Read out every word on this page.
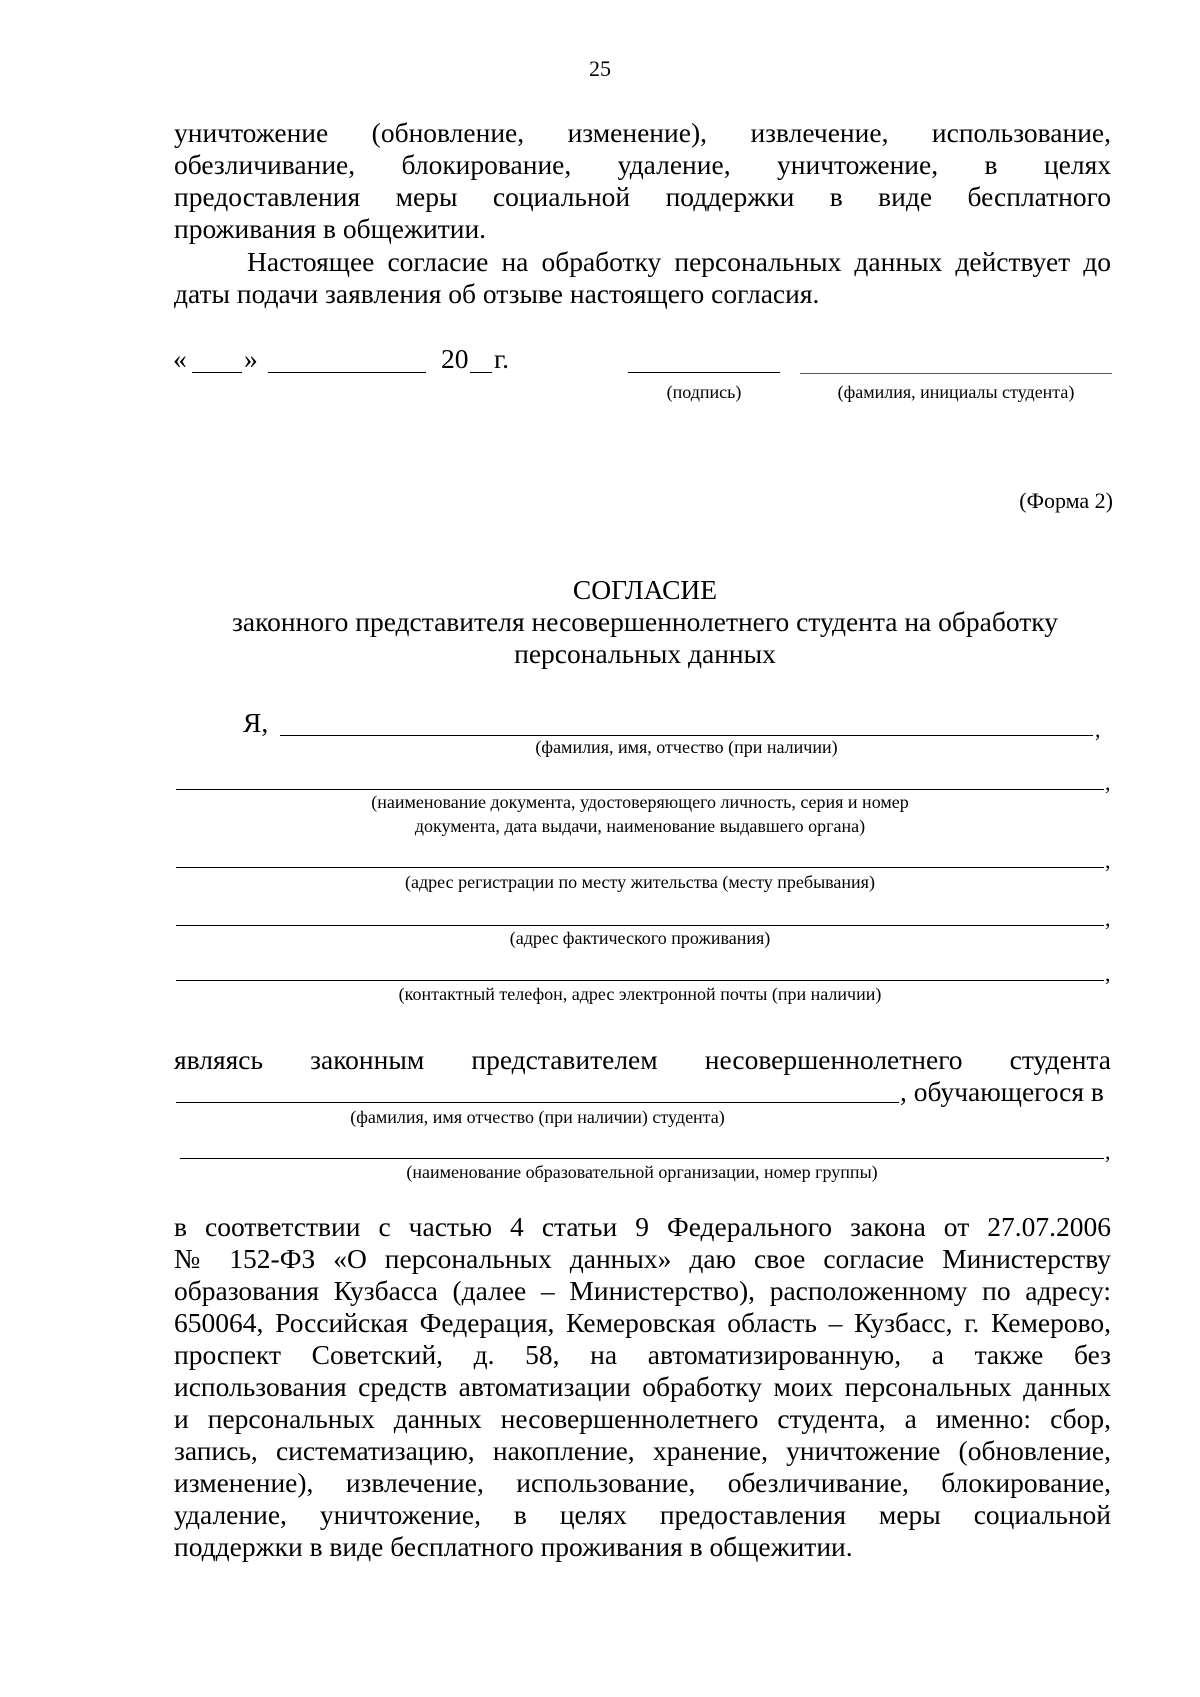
25
уничтожение (обновление, изменение), извлечение, использование,
обезличивание, блокирование, удаление, уничтожение, в целях
предоставления меры социальной поддержки в виде бесплатного
проживания в общежитии.
Настоящее согласие на обработку персональных данных действует до
даты подачи заявления об отзыве настоящего согласия.
« »	20 г.
(подпись)	(фамилия, инициалы студента)
(Форма 2)
СОГЛАСИЕ
законного представителя несовершеннолетнего студента на обработку
персональных данных
Я,	,
(фамилия, имя, отчество (при наличии)
,
(наименование документа, удостоверяющего личность, серия и номер
документа, дата выдачи, наименование выдавшего органа)
,
(адрес регистрации по месту жительства (месту пребывания)
,
(адрес фактического проживания)
,
(контактный телефон, адрес электронной почты (при наличии)
являясь законным представителем несовершеннолетнего студента
, обучающегося в
(фамилия, имя отчество (при наличии) студента)
,
(наименование образовательной организации, номер группы)
в соответствии с частью 4 статьи 9 Федерального закона от 27.07.2006
№ 152-ФЗ «О персональных данных» даю свое согласие Министерству
образования Кузбасса (далее – Министерство), расположенному по адресу:
650064, Российская Федерация, Кемеровская область – Кузбасс, г. Кемерово,
проспект Советский, д. 58, на автоматизированную, а также без
использования средств автоматизации обработку моих персональных данных
и персональных данных несовершеннолетнего студента, а именно: сбор,
запись, систематизацию, накопление, хранение, уничтожение (обновление,
изменение), извлечение, использование, обезличивание, блокирование,
удаление, уничтожение, в целях предоставления меры социальной
поддержки в виде бесплатного проживания в общежитии.
